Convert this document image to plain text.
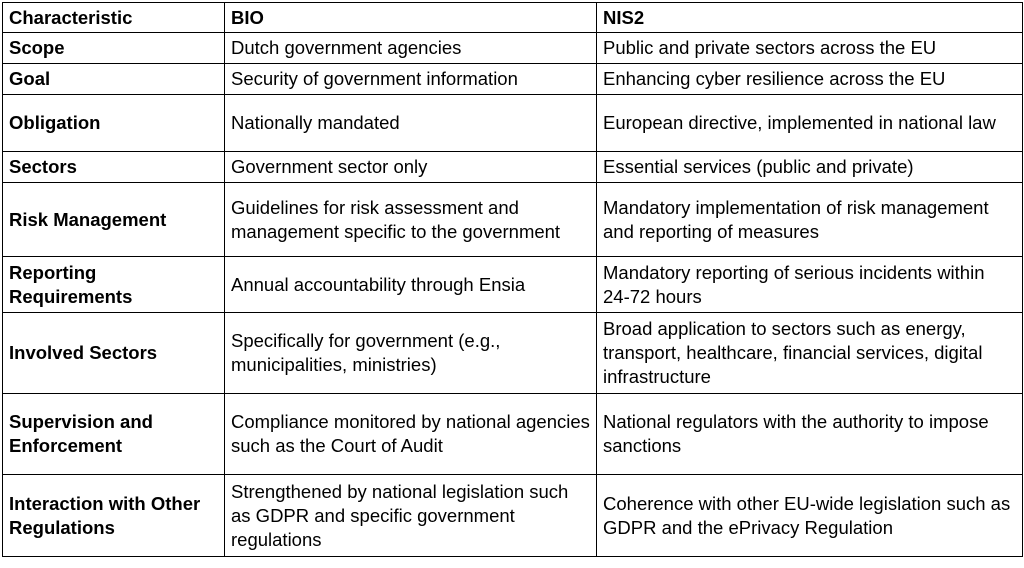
Characteristic	BIO	NIS2
Scope	Dutch government agencies	Public and private sectors across the EU
Goal	Security of government information	Enhancing cyber resilience across the EU
Obligation	Nationally mandated	European directive, implemented in national law
Sectors	Government sector only	Essential services (public and private)
Risk Management	Guidelines for risk assessment and management specific to the government	Mandatory implementation of risk management and reporting of measures
Reporting Requirements	Annual accountability through Ensia	Mandatory reporting of serious incidents within 24-72 hours
Involved Sectors	Specifically for government (e.g., municipalities, ministries)	Broad application to sectors such as energy, transport, healthcare, financial services, digital infrastructure
Supervision and Enforcement	Compliance monitored by national agencies such as the Court of Audit	National regulators with the authority to impose sanctions
Interaction with Other Regulations	Strengthened by national legislation such as GDPR and specific government regulations	Coherence with other EU-wide legislation such as GDPR and the ePrivacy Regulation
